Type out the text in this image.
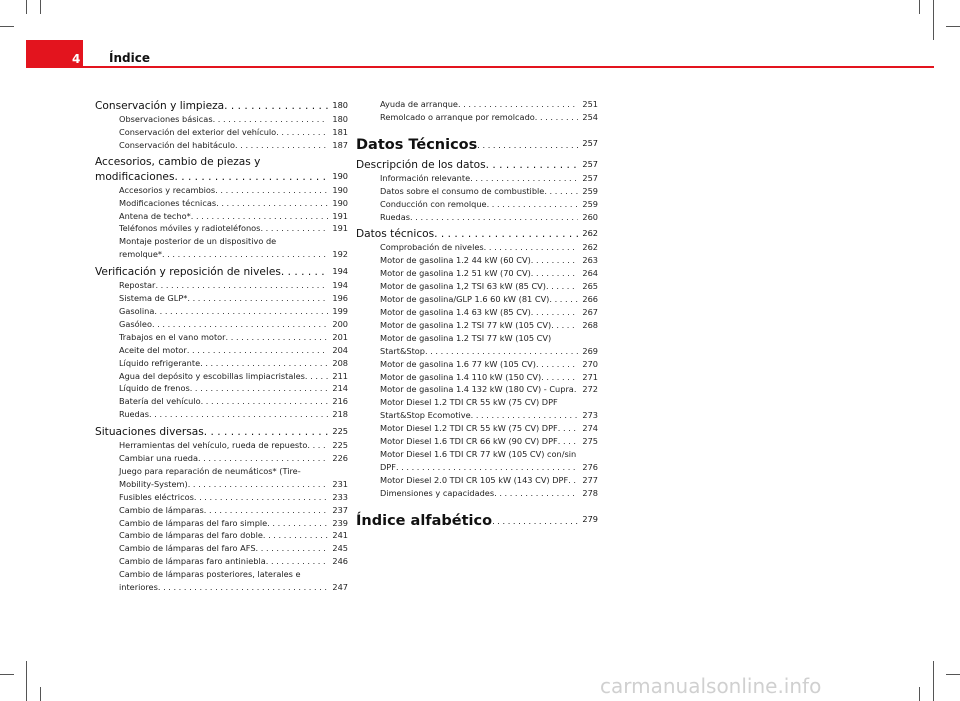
4 Índice
Conservación y limpieza . . .	180
Observaciones básicas . . .	180
Conservación del exterior del vehículo . . .	181
Conservación del habitáculo . . .	187
Accesorios, cambio de piezas y
modificaciones . . .	190
Accesorios y recambios . . .	190
Modificaciones técnicas . . .	190
Antena de techo* . . .	191
Teléfonos móviles y radioteléfonos . . .	191
Montaje posterior de un dispositivo de
remolque* . . .	192
Verificación y reposición de niveles . . .	194
Repostar . . .	194
Sistema de GLP* . . .	196
Gasolina . . .	199
Gasóleo . . .	200
Trabajos en el vano motor . . .	201
Aceite del motor . . .	204
Líquido refrigerante . . .	208
Agua del depósito y escobillas limpiacristales . . .	211
Líquido de frenos . . .	214
Batería del vehículo . . .	216
Ruedas . . .	218
Situaciones diversas . . .	225
Herramientas del vehículo, rueda de repuesto . . .	225
Cambiar una rueda . . .	226
Juego para reparación de neumáticos* (Tire-
Mobility-System) . . .	231
Fusibles eléctricos . . .	233
Cambio de lámparas . . .	237
Cambio de lámparas del faro simple . . .	239
Cambio de lámparas del faro doble . . .	241
Cambio de lámparas del faro AFS . . .	245
Cambio de lámparas faro antiniebla . . .	246
Cambio de lámparas posteriores, laterales e
interiores . . .	247
Ayuda de arranque . . .	251
Remolcado o arranque por remolcado . . .	254
Datos Técnicos . . .	257
Descripción de los datos . . .	257
Información relevante . . .	257
Datos sobre el consumo de combustible . . .	259
Conducción con remolque . . .	259
Ruedas . . .	260
Datos técnicos . . .	262
Comprobación de niveles . . .	262
Motor de gasolina 1.2 44 kW (60 CV) . . .	263
Motor de gasolina 1.2 51 kW (70 CV) . . .	264
Motor de gasolina 1,2 TSI 63 kW (85 CV) . . .	265
Motor de gasolina/GLP 1.6 60 kW (81 CV) . . .	266
Motor de gasolina 1.4 63 kW (85 CV) . . .	267
Motor de gasolina 1.2 TSI 77 kW (105 CV) . . .	268
Motor de gasolina 1.2 TSI 77 kW (105 CV)
Start&Stop . . .	269
Motor de gasolina 1.6 77 kW (105 CV) . . .	270
Motor de gasolina 1.4 110 kW (150 CV) . . .	271
Motor de gasolina 1.4 132 kW (180 CV) - Cupra . . .	272
Motor Diesel 1.2 TDI CR 55 kW (75 CV) DPF
Start&Stop Ecomotive . . .	273
Motor Diesel 1.2 TDI CR 55 kW (75 CV) DPF . . .	274
Motor Diesel 1.6 TDI CR 66 kW (90 CV) DPF . . .	275
Motor Diesel 1.6 TDI CR 77 kW (105 CV) con/sin
DPF . . .	276
Motor Diesel 2.0 TDI CR 105 kW (143 CV) DPF . . .	277
Dimensiones y capacidades . . .	278
Índice alfabético . . .	279
carmanualsonline.info
